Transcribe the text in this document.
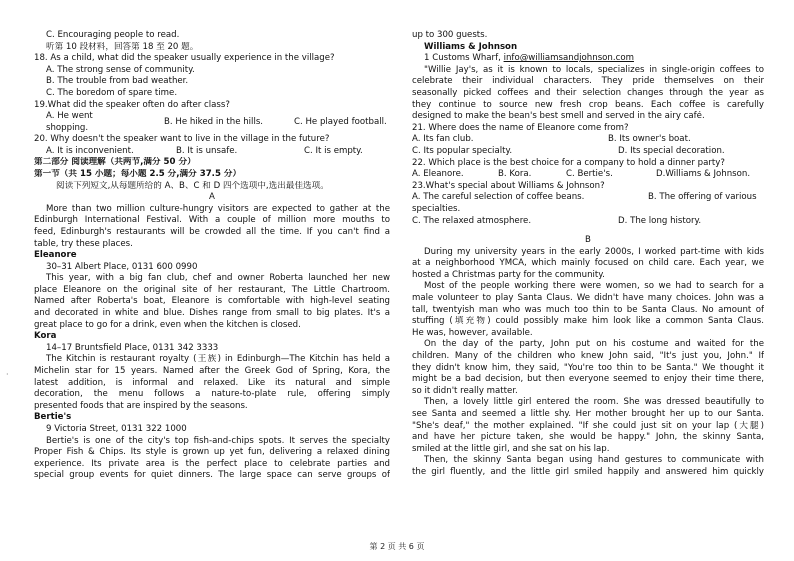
·

C. Encouraging people to read.

听第 10 段材料，回答第 18 至 20 题。

18. As a child, what did the speaker usually experience in the village?

A. The strong sense of community.

B. The trouble from bad weather.

C. The boredom of spare time.

19.What did the speaker often do after class?

A. He went
shopping.
B. He hiked in the hills.	C. He played football.

20. Why doesn't the speaker want to live in the village in the future?

A. It is inconvenient.	B. It is unsafe.	C. It is empty.

第二部分 阅读理解（共两节,满分 50 分）

第一节（共 15 小题；每小题 2.5 分,满分 37.5 分）

阅读下列短文,从每题所给的 A、B、C 和 D 四个选项中,选出最佳选项。

A

More than two million culture-hungry visitors are expected to gather at the

Edinburgh International Festival. With a couple of million more mouths to

feed, Edinburgh's restaurants will be crowded all the time. If you can't find a

table, try these places.

Eleanore

30–31 Albert Place, 0131 600 0990

This year, with a big fan club, chef and owner Roberta launched her new

place Eleanore on the original site of her restaurant, The Little Chartroom.

Named after Roberta's boat, Eleanore is comfortable with high-level seating

and decorated in white and blue. Dishes range from small to big plates. It's a

great place to go for a drink, even when the kitchen is closed.

Kora

14–17 Bruntsfield Place, 0131 342 3333

The Kitchin is restaurant royalty (王族) in Edinburgh—The Kitchin has held a

Michelin star for 15 years. Named after the Greek God of Spring, Kora, the

latest addition, is informal and relaxed. Like its natural and simple

decoration, the menu follows a nature-to-plate rule, offering simply

presented foods that are inspired by the seasons.

Bertie's

9 Victoria Street, 0131 322 1000

Bertie's is one of the city's top fish-and-chips spots. It serves the specialty

Proper Fish & Chips. Its style is grown up yet fun, delivering a relaxed dining

experience. Its private area is the perfect place to celebrate parties and

special group events for quiet dinners. The large space can serve groups of

up to 300 guests.

Williams & Johnson

1 Customs Wharf, info@williamsandjohnson.com

"Willie Jay's, as it is known to locals, specializes in single-origin coffees to

celebrate their individual characters. They pride themselves on their

seasonally picked coffees and their selection changes through the year as

they continue to source new fresh crop beans. Each coffee is carefully

designed to make the bean's best smell and served in the airy café.

21. Where does the name of Eleanore come from?

A. Its fan club.	B. Its owner's boat.
C. Its popular specialty.	D. Its special decoration.

22. Which place is the best choice for a company to hold a dinner party?

A. Eleanore.	B. Kora.	C. Bertie's.	D.Williams & Johnson.

23.What's special about Williams & Johnson?

A. The careful selection of coffee beans.	B. The offering of various

specialties.

C. The relaxed atmosphere.	D. The long history.

B

During my university years in the early 2000s, I worked part-time with kids

at a neighborhood YMCA, which mainly focused on child care. Each year, we

hosted a Christmas party for the community.

Most of the people working there were women, so we had to search for a

male volunteer to play Santa Claus. We didn't have many choices. John was a

tall, twentyish man who was much too thin to be Santa Claus. No amount of

stuffing (填充物) could possibly make him look like a common Santa Claus.

He was, however, available.

On the day of the party, John put on his costume and waited for the

children. Many of the children who knew John said, "It's just you, John." If

they didn't know him, they said, "You're too thin to be Santa." We thought it

might be a bad decision, but then everyone seemed to enjoy their time there,

so it didn't really matter.

Then, a lovely little girl entered the room. She was dressed beautifully to

see Santa and seemed a little shy. Her mother brought her up to our Santa.

"She's deaf," the mother explained. "If she could just sit on your lap (大腿)

and have her picture taken, she would be happy." John, the skinny Santa,

smiled at the little girl, and she sat on his lap.

Then, the skinny Santa began using hand gestures to communicate with

the girl fluently, and the little girl smiled happily and answered him quickly

第 2 页 共 6 页
